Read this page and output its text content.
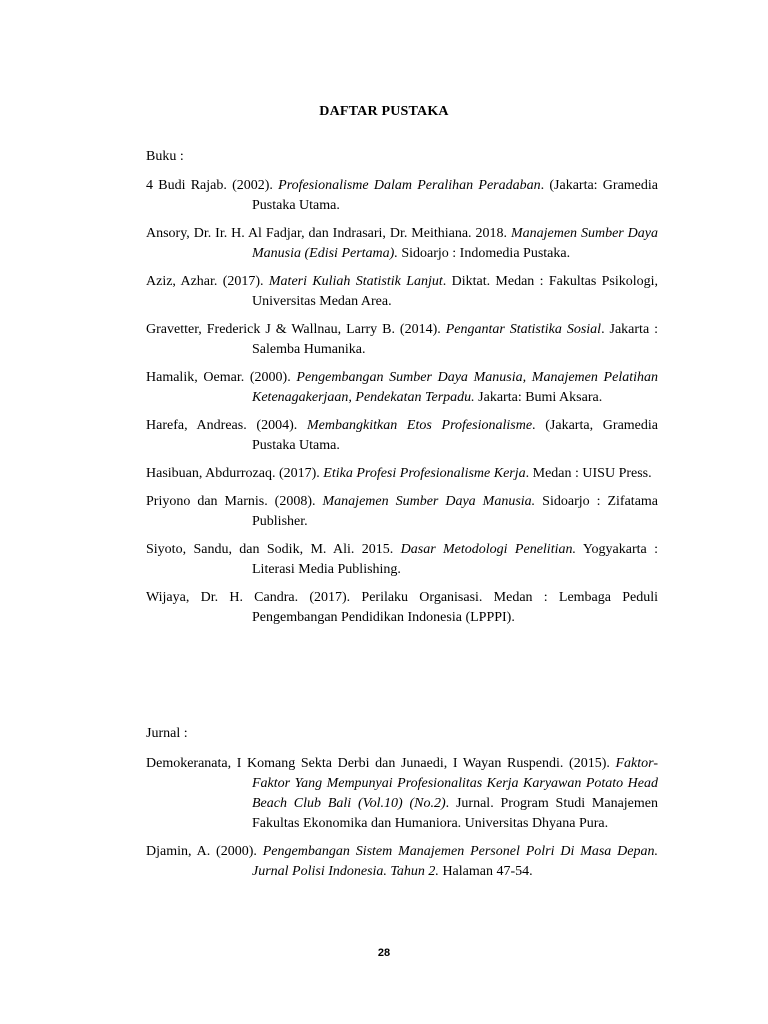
DAFTAR PUSTAKA
Buku :

4 Budi Rajab. (2002). Profesionalisme Dalam Peralihan Peradaban. (Jakarta: Gramedia Pustaka Utama.

Ansory, Dr. Ir. H. Al Fadjar, dan Indrasari, Dr. Meithiana. 2018. Manajemen Sumber Daya Manusia (Edisi Pertama). Sidoarjo : Indomedia Pustaka.

Aziz, Azhar. (2017). Materi Kuliah Statistik Lanjut. Diktat. Medan : Fakultas Psikologi, Universitas Medan Area.

Gravetter, Frederick J & Wallnau, Larry B. (2014). Pengantar Statistika Sosial. Jakarta : Salemba Humanika.

Hamalik, Oemar. (2000). Pengembangan Sumber Daya Manusia, Manajemen Pelatihan Ketenagakerjaan, Pendekatan Terpadu. Jakarta: Bumi Aksara.

Harefa, Andreas. (2004). Membangkitkan Etos Profesionalisme. (Jakarta, Gramedia Pustaka Utama.

Hasibuan, Abdurrozaq. (2017). Etika Profesi Profesionalisme Kerja. Medan : UISU Press.

Priyono dan Marnis. (2008). Manajemen Sumber Daya Manusia. Sidoarjo : Zifatama Publisher.

Siyoto, Sandu, dan Sodik, M. Ali. 2015. Dasar Metodologi Penelitian. Yogyakarta : Literasi Media Publishing.

Wijaya, Dr. H. Candra. (2017). Perilaku Organisasi. Medan : Lembaga Peduli Pengembangan Pendidikan Indonesia (LPPPI).

Jurnal :

Demokeranata, I Komang Sekta Derbi dan Junaedi, I Wayan Ruspendi. (2015). Faktor-Faktor Yang Mempunyai Profesionalitas Kerja Karyawan Potato Head Beach Club Bali (Vol.10) (No.2). Jurnal. Program Studi Manajemen Fakultas Ekonomika dan Humaniora. Universitas Dhyana Pura.

Djamin, A. (2000). Pengembangan Sistem Manajemen Personel Polri Di Masa Depan. Jurnal Polisi Indonesia. Tahun 2. Halaman 47-54.

28
